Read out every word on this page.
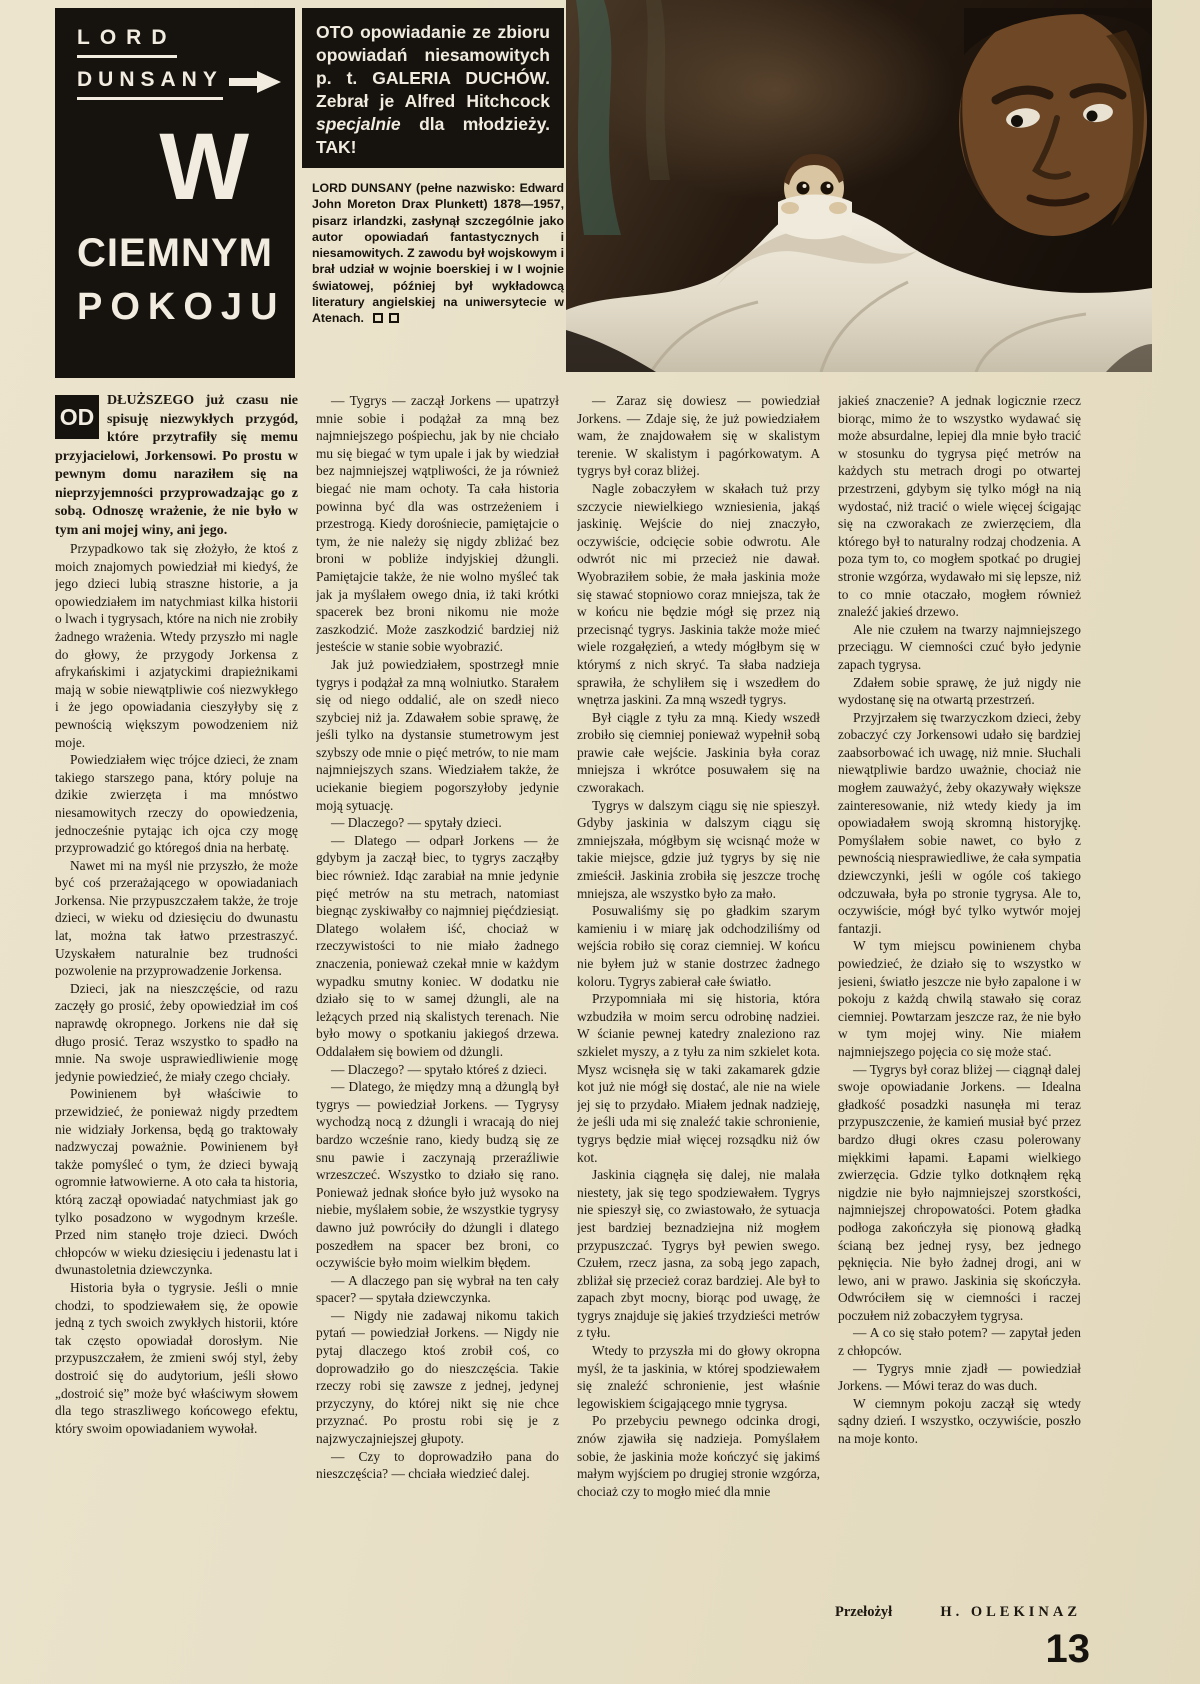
LORD
DUNSANY
W
CIEMNYM
POKOJU
OTO opowiadanie ze zbioru opowiadań niesamowitych p. t. GALERIA DUCHÓW. Zebrał je Alfred Hitchcock specjalnie dla młodzieży. TAK!
LORD DUNSANY (pełne nazwisko: Edward John Moreton Drax Plunkett) 1878—1957, pisarz irlandzki, zasłynął szczególnie jako autor opowiadań fantastycznych i niesamowitych. Z zawodu był wojskowym i brał udział w wojnie boerskiej i w I wojnie światowej, później był wykładowcą literatury angielskiej na uniwersytecie w Atenach.

OD
DŁUŻSZEGO już czasu nie spisuję niezwykłych przygód, które przytrafiły się memu przyjacielowi, Jorkensowi. Po prostu w pewnym domu naraziłem się na nieprzyjemności przyprowadzając go z sobą. Odnoszę wrażenie, że nie było w tym ani mojej winy, ani jego.

Przypadkowo tak się złożyło, że ktoś z moich znajomych powiedział mi kiedyś, że jego dzieci lubią straszne historie, a ja opowiedziałem im natychmiast kilka historii o lwach i tygrysach, które na nich nie zrobiły żadnego wrażenia. Wtedy przyszło mi nagle do głowy, że przygody Jorkensa z afrykańskimi i azjatyckimi drapieżnikami mają w sobie niewątpliwie coś niezwykłego i że jego opowiadania cieszyłyby się z pewnością większym powodzeniem niż moje.

Powiedziałem więc trójce dzieci, że znam takiego starszego pana, który poluje na dzikie zwierzęta i ma mnóstwo niesamowitych rzeczy do opowiedzenia, jednocześnie pytając ich ojca czy mogę przyprowadzić go któregoś dnia na herbatę.

Nawet mi na myśl nie przyszło, że może być coś przerażającego w opowiadaniach Jorkensa. Nie przypuszczałem także, że troje dzieci, w wieku od dziesięciu do dwunastu lat, można tak łatwo przestraszyć. Uzyskałem naturalnie bez trudności pozwolenie na przyprowadzenie Jorkensa.

Dzieci, jak na nieszczęście, od razu zaczęły go prosić, żeby opowiedział im coś naprawdę okropnego. Jorkens nie dał się długo prosić. Teraz wszystko to spadło na mnie. Na swoje usprawiedliwienie mogę jedynie powiedzieć, że miały czego chciały.

Powinienem był właściwie to przewidzieć, że ponieważ nigdy przedtem nie widziały Jorkensa, będą go traktowały nadzwyczaj poważnie. Powinienem był także pomyśleć o tym, że dzieci bywają ogromnie łatwowierne. A oto cała ta historia, którą zaczął opowiadać natychmiast jak go tylko posadzono w wygodnym krześle. Przed nim stanęło troje dzieci. Dwóch chłopców w wieku dziesięciu i jedenastu lat i dwunastoletnia dziewczynka.

Historia była o tygrysie. Jeśli o mnie chodzi, to spodziewałem się, że opowie jedną z tych swoich zwykłych historii, które tak często opowiadał dorosłym. Nie przypuszczałem, że zmieni swój styl, żeby dostroić się do audytorium, jeśli słowo „dostroić się” może być właściwym słowem dla tego straszliwego końcowego efektu, który swoim opowiadaniem wywołał.

— Tygrys — zaczął Jorkens — upatrzył mnie sobie i podążał za mną bez najmniejszego pośpiechu, jak by nie chciało mu się biegać w tym upale i jak by wiedział bez najmniejszej wątpliwości, że ja również biegać nie mam ochoty. Ta cała historia powinna być dla was ostrzeżeniem i przestrogą. Kiedy dorośniecie, pamiętajcie o tym, że nie należy się nigdy zbliżać bez broni w pobliże indyjskiej dżungli. Pamiętajcie także, że nie wolno myśleć tak jak ja myślałem owego dnia, iż taki krótki spacerek bez broni nikomu nie może zaszkodzić. Może zaszkodzić bardziej niż jesteście w stanie sobie wyobrazić.

Jak już powiedziałem, spostrzegł mnie tygrys i podążał za mną wolniutko. Starałem się od niego oddalić, ale on szedł nieco szybciej niż ja. Zdawałem sobie sprawę, że jeśli tylko na dystansie stumetrowym jest szybszy ode mnie o pięć metrów, to nie mam najmniejszych szans. Wiedziałem także, że uciekanie biegiem pogorszyłoby jedynie moją sytuację.

— Dlaczego? — spytały dzieci.

— Dlatego — odparł Jorkens — że gdybym ja zaczął biec, to tygrys zacząłby biec również. Idąc zarabiał na mnie jedynie pięć metrów na stu metrach, natomiast biegnąc zyskiwałby co najmniej pięćdziesiąt. Dlatego wolałem iść, chociaż w rzeczywistości to nie miało żadnego znaczenia, ponieważ czekał mnie w każdym wypadku smutny koniec. W dodatku nie działo się to w samej dżungli, ale na leżących przed nią skalistych terenach. Nie było mowy o spotkaniu jakiegoś drzewa. Oddalałem się bowiem od dżungli.

— Dlaczego? — spytało któreś z dzieci.

— Dlatego, że między mną a dżunglą był tygrys — powiedział Jorkens. — Tygrysy wychodzą nocą z dżungli i wracają do niej bardzo wcześnie rano, kiedy budzą się ze snu pawie i zaczynają przeraźliwie wrzeszczeć. Wszystko to działo się rano. Ponieważ jednak słońce było już wysoko na niebie, myślałem sobie, że wszystkie tygrysy dawno już powróciły do dżungli i dlatego poszedłem na spacer bez broni, co oczywiście było moim wielkim błędem.

— A dlaczego pan się wybrał na ten cały spacer? — spytała dziewczynka.

— Nigdy nie zadawaj nikomu takich pytań — powiedział Jorkens. — Nigdy nie pytaj dlaczego ktoś zrobił coś, co doprowadziło go do nieszczęścia. Takie rzeczy robi się zawsze z jednej, jedynej przyczyny, do której nikt się nie chce przyznać. Po prostu robi się je z najzwyczajniejszej głupoty.

— Czy to doprowadziło pana do nieszczęścia? — chciała wiedzieć dalej.

— Zaraz się dowiesz — powiedział Jorkens. — Zdaje się, że już powiedziałem wam, że znajdowałem się w skalistym terenie. W skalistym i pagórkowatym. A tygrys był coraz bliżej.

Nagle zobaczyłem w skałach tuż przy szczycie niewielkiego wzniesienia, jakąś jaskinię. Wejście do niej znaczyło, oczywiście, odcięcie sobie odwrotu. Ale odwrót nic mi przecież nie dawał. Wyobraziłem sobie, że mała jaskinia może się stawać stopniowo coraz mniejsza, tak że w końcu nie będzie mógł się przez nią przecisnąć tygrys. Jaskinia także może mieć wiele rozgałęzień, a wtedy mógłbym się w którymś z nich skryć. Ta słaba nadzieja sprawiła, że schyliłem się i wszedłem do wnętrza jaskini. Za mną wszedł tygrys.

Był ciągle z tyłu za mną. Kiedy wszedł zrobiło się ciemniej ponieważ wypełnił sobą prawie całe wejście. Jaskinia była coraz mniejsza i wkrótce posuwałem się na czworakach.

Tygrys w dalszym ciągu się nie spieszył. Gdyby jaskinia w dalszym ciągu się zmniejszała, mógłbym się wcisnąć może w takie miejsce, gdzie już tygrys by się nie zmieścił. Jaskinia zrobiła się jeszcze trochę mniejsza, ale wszystko było za mało.

Posuwaliśmy się po gładkim szarym kamieniu i w miarę jak odchodziliśmy od wejścia robiło się coraz ciemniej. W końcu nie byłem już w stanie dostrzec żadnego koloru. Tygrys zabierał całe światło.

Przypomniała mi się historia, która wzbudziła w moim sercu odrobinę nadziei. W ścianie pewnej katedry znaleziono raz szkielet myszy, a z tyłu za nim szkielet kota. Mysz wcisnęła się w taki zakamarek gdzie kot już nie mógł się dostać, ale nie na wiele jej się to przydało. Miałem jednak nadzieję, że jeśli uda mi się znaleźć takie schronienie, tygrys będzie miał więcej rozsądku niż ów kot.

Jaskinia ciągnęła się dalej, nie malała niestety, jak się tego spodziewałem. Tygrys nie spieszył się, co zwiastowało, że sytuacja jest bardziej beznadziejna niż mogłem przypuszczać. Tygrys był pewien swego. Czułem, rzecz jasna, za sobą jego zapach, zbliżał się przecież coraz bardziej. Ale był to zapach zbyt mocny, biorąc pod uwagę, że tygrys znajduje się jakieś trzydzieści metrów z tyłu.

Wtedy to przyszła mi do głowy okropna myśl, że ta jaskinia, w której spodziewałem się znaleźć schronienie, jest właśnie legowiskiem ścigającego mnie tygrysa.

Po przebyciu pewnego odcinka drogi, znów zjawiła się nadzieja. Pomyślałem sobie, że jaskinia może kończyć się jakimś małym wyjściem po drugiej stronie wzgórza, chociaż czy to mogło mieć dla mnie

jakieś znaczenie? A jednak logicznie rzecz biorąc, mimo że to wszystko wydawać się może absurdalne, lepiej dla mnie było tracić w stosunku do tygrysa pięć metrów na każdych stu metrach drogi po otwartej przestrzeni, gdybym się tylko mógł na nią wydostać, niż tracić o wiele więcej ścigając się na czworakach ze zwierzęciem, dla którego był to naturalny rodzaj chodzenia. A poza tym to, co mogłem spotkać po drugiej stronie wzgórza, wydawało mi się lepsze, niż to co mnie otaczało, mogłem również znaleźć jakieś drzewo.

Ale nie czułem na twarzy najmniejszego przeciągu. W ciemności czuć było jedynie zapach tygrysa.

Zdałem sobie sprawę, że już nigdy nie wydostanę się na otwartą przestrzeń.

Przyjrzałem się twarzyczkom dzieci, żeby zobaczyć czy Jorkensowi udało się bardziej zaabsorbować ich uwagę, niż mnie. Słuchali niewątpliwie bardzo uważnie, chociaż nie mogłem zauważyć, żeby okazywały większe zainteresowanie, niż wtedy kiedy ja im opowiadałem swoją skromną historyjkę. Pomyślałem sobie nawet, co było z pewnością niesprawiedliwe, że cała sympatia dziewczynki, jeśli w ogóle coś takiego odczuwała, była po stronie tygrysa. Ale to, oczywiście, mógł być tylko wytwór mojej fantazji.

W tym miejscu powinienem chyba powiedzieć, że działo się to wszystko w jesieni, światło jeszcze nie było zapalone i w pokoju z każdą chwilą stawało się coraz ciemniej. Powtarzam jeszcze raz, że nie było w tym mojej winy. Nie miałem najmniejszego pojęcia co się może stać.

— Tygrys był coraz bliżej — ciągnął dalej swoje opowiadanie Jorkens. — Idealna gładkość posadzki nasunęła mi teraz przypuszczenie, że kamień musiał być przez bardzo długi okres czasu polerowany miękkimi łapami. Łapami wielkiego zwierzęcia. Gdzie tylko dotknąłem ręką nigdzie nie było najmniejszej szorstkości, najmniejszej chropowatości. Potem gładka podłoga zakończyła się pionową gładką ścianą bez jednej rysy, bez jednego pęknięcia. Nie było żadnej drogi, ani w lewo, ani w prawo. Jaskinia się skończyła. Odwróciłem się w ciemności i raczej poczułem niż zobaczyłem tygrysa.

— A co się stało potem? — zapytał jeden z chłopców.

— Tygrys mnie zjadł — powiedział Jorkens. — Mówi teraz do was duch.

W ciemnym pokoju zaczął się wtedy sądny dzień. I wszystko, oczywiście, poszło na moje konto.

Przełożył	H. OLEKINAZ
13
